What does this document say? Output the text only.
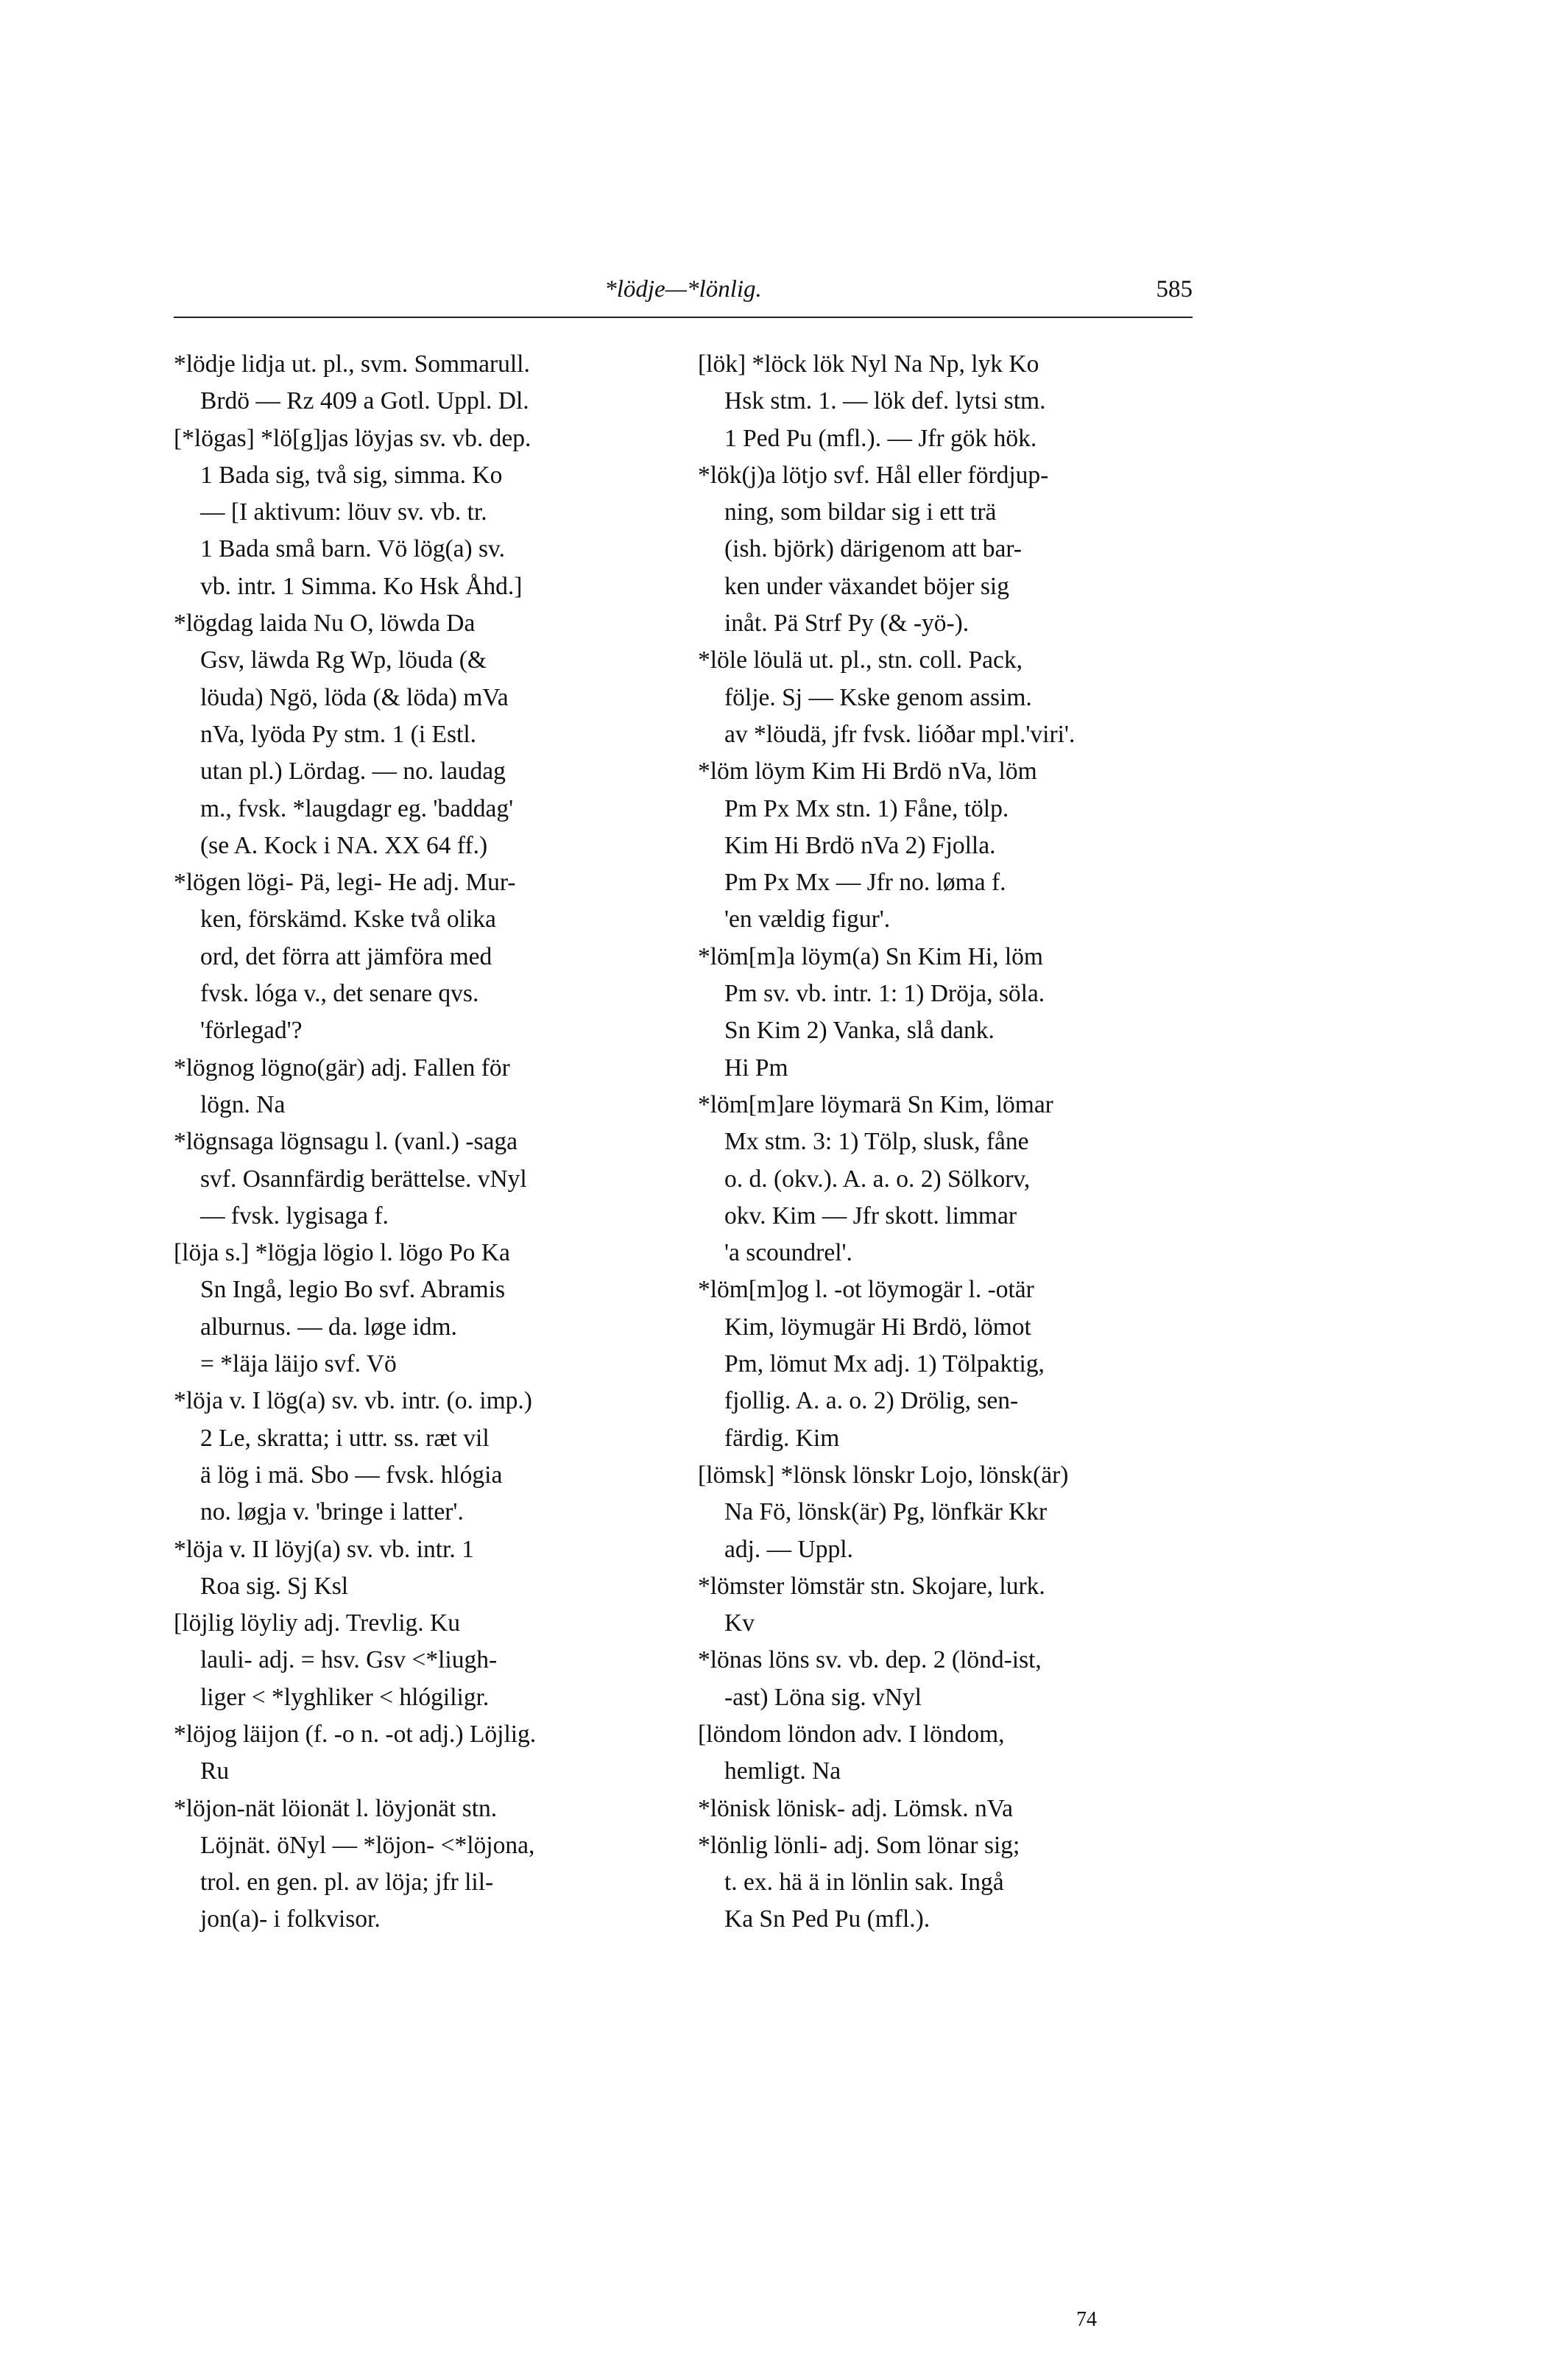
*lödje—*lönlig.	585
*lödje lidja ut. pl., svm. Sommarull.
Brdö — Rz 409 a Gotl. Uppl. Dl.
[*lögas] *lö[g]jas löyjas sv. vb. dep.
1 Bada sig, två sig, simma. Ko
— [I aktivum: löuv sv. vb. tr.
1 Bada små barn. Vö lög(a) sv.
vb. intr. 1 Simma. Ko Hsk Åhd.]
*lögdag laida Nu O, löwda Da
Gsv, läwda Rg Wp, löuda (&
löuda) Ngö, löda (& löda) mVa
nVa, lyöda Py stm. 1 (i Estl.
utan pl.) Lördag. — no. laudag
m., fvsk. *laugdagr eg. 'baddag'
(se A. Kock i NA. XX 64 ff.)
*lögen lögi- Pä, legi- He adj. Mur-
ken, förskämd. Kske två olika
ord, det förra att jämföra med
fvsk. lóga v., det senare qvs.
'förlegad'?
*lögnog lögno(gär) adj. Fallen för
lögn. Na
*lögnsaga lögnsagu l. (vanl.) -saga
svf. Osannfärdig berättelse. vNyl
— fvsk. lygisaga f.
[löja s.] *lögja lögio l. lögo Po Ka
Sn Ingå, legio Bo svf. Abramis
alburnus. — da. løge idm.
= *läja läijo svf. Vö
*löja v. I lög(a) sv. vb. intr. (o. imp.)
2 Le, skratta; i uttr. ss. ræt vil
ä lög i mä. Sbo — fvsk. hlógia
no. løgja v. 'bringe i latter'.
*löja v. II löyj(a) sv. vb. intr. 1
Roa sig. Sj Ksl
[löjlig löyliy adj. Trevlig. Ku
lauli- adj. = hsv. Gsv <*liugh-
liger < *lyghliker < hlógiligr.
*löjog läijon (f. -o n. -ot adj.) Löjlig.
Ru
*löjon-nät löionät l. löyjonät stn.
Löjnät. öNyl — *löjon- <*löjona,
trol. en gen. pl. av löja; jfr lil-
jon(a)- i folkvisor.
[lök] *löck lök Nyl Na Np, lyk Ko
Hsk stm. 1. — lök def. lytsi stm.
1 Ped Pu (mfl.). — Jfr gök hök.
*lök(j)a lötjo svf. Hål eller fördjup-
ning, som bildar sig i ett trä
(ish. björk) därigenom att bar-
ken under växandet böjer sig
inåt. Pä Strf Py (& -yö-).
*löle löulä ut. pl., stn. coll. Pack,
följe. Sj — Kske genom assim.
av *löudä, jfr fvsk. lióðar mpl.'viri'.
*löm löym Kim Hi Brdö nVa, löm
Pm Px Mx stn. 1) Fåne, tölp.
Kim Hi Brdö nVa 2) Fjolla.
Pm Px Mx — Jfr no. løma f.
'en vældig figur'.
*löm[m]a löym(a) Sn Kim Hi, löm
Pm sv. vb. intr. 1: 1) Dröja, söla.
Sn Kim 2) Vanka, slå dank.
Hi Pm
*löm[m]are löymarä Sn Kim, lömar
Mx stm. 3: 1) Tölp, slusk, fåne
o. d. (okv.). A. a. o. 2) Sölkorv,
okv. Kim — Jfr skott. limmar
'a scoundrel'.
*löm[m]og l. -ot löymogär l. -otär
Kim, löymugär Hi Brdö, lömot
Pm, lömut Mx adj. 1) Tölpaktig,
fjollig. A. a. o. 2) Drölig, sen-
färdig. Kim
[lömsk] *lönsk lönskr Lojo, lönsk(är)
Na Fö, lönsk(är) Pg, lönfkär Kkr
adj. — Uppl.
*lömster lömstär stn. Skojare, lurk.
Kv
*lönas löns sv. vb. dep. 2 (lönd-ist,
-ast) Löna sig. vNyl
[löndom löndon adv. I löndom,
hemligt. Na
*lönisk lönisk- adj. Lömsk. nVa
*lönlig lönli- adj. Som lönar sig;
t. ex. hä ä in lönlin sak. Ingå
Ka Sn Ped Pu (mfl.).
74
